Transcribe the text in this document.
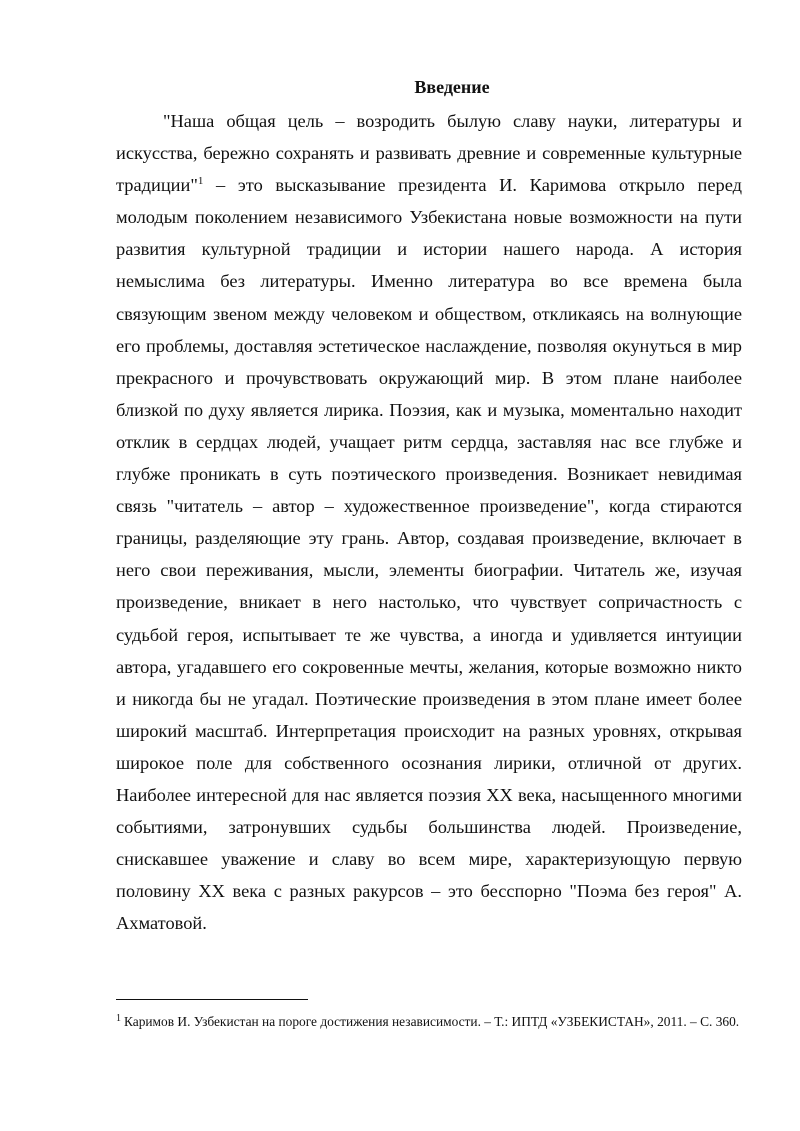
Введение

"Наша общая цель – возродить былую славу науки, литературы и искусства, бережно сохранять и развивать древние и современные культурные традиции"$^1$ – это высказывание президента И. Каримова открыло перед молодым поколением независимого Узбекистана новые возможности на пути развития культурной традиции и истории нашего народа. А история немыслима без литературы. Именно литература во все времена была связующим звеном между человеком и обществом, откликаясь на волнующие его проблемы, доставляя эстетическое наслаждение, позволяя окунуться в мир прекрасного и прочувствовать окружающий мир. В этом плане наиболее близкой по духу является лирика. Поэзия, как и музыка, моментально находит отклик в сердцах людей, учащает ритм сердца, заставляя нас все глубже и глубже проникать в суть поэтического произведения. Возникает невидимая связь "читатель – автор – художественное произведение", когда стираются границы, разделяющие эту грань. Автор, создавая произведение, включает в него свои переживания, мысли, элементы биографии. Читатель же, изучая произведение, вникает в него настолько, что чувствует сопричастность с судьбой героя, испытывает те же чувства, а иногда и удивляется интуиции автора, угадавшего его сокровенные мечты, желания, которые возможно никто и никогда бы не угадал. Поэтические произведения в этом плане имеет более широкий масштаб. Интерпретация происходит на разных уровнях, открывая широкое поле для собственного осознания лирики, отличной от других. Наиболее интересной для нас является поэзия ХХ века, насыщенного многими событиями, затронувших судьбы большинства людей. Произведение, снискавшее уважение и славу во всем мире, характеризующую первую половину ХХ века с разных ракурсов – это бесспорно "Поэма без героя" А. Ахматовой.

$^1$ Каримов И. Узбекистан на пороге достижения независимости. – Т.: ИПТД «УЗБЕКИСТАН», 2011. – С. 360.
